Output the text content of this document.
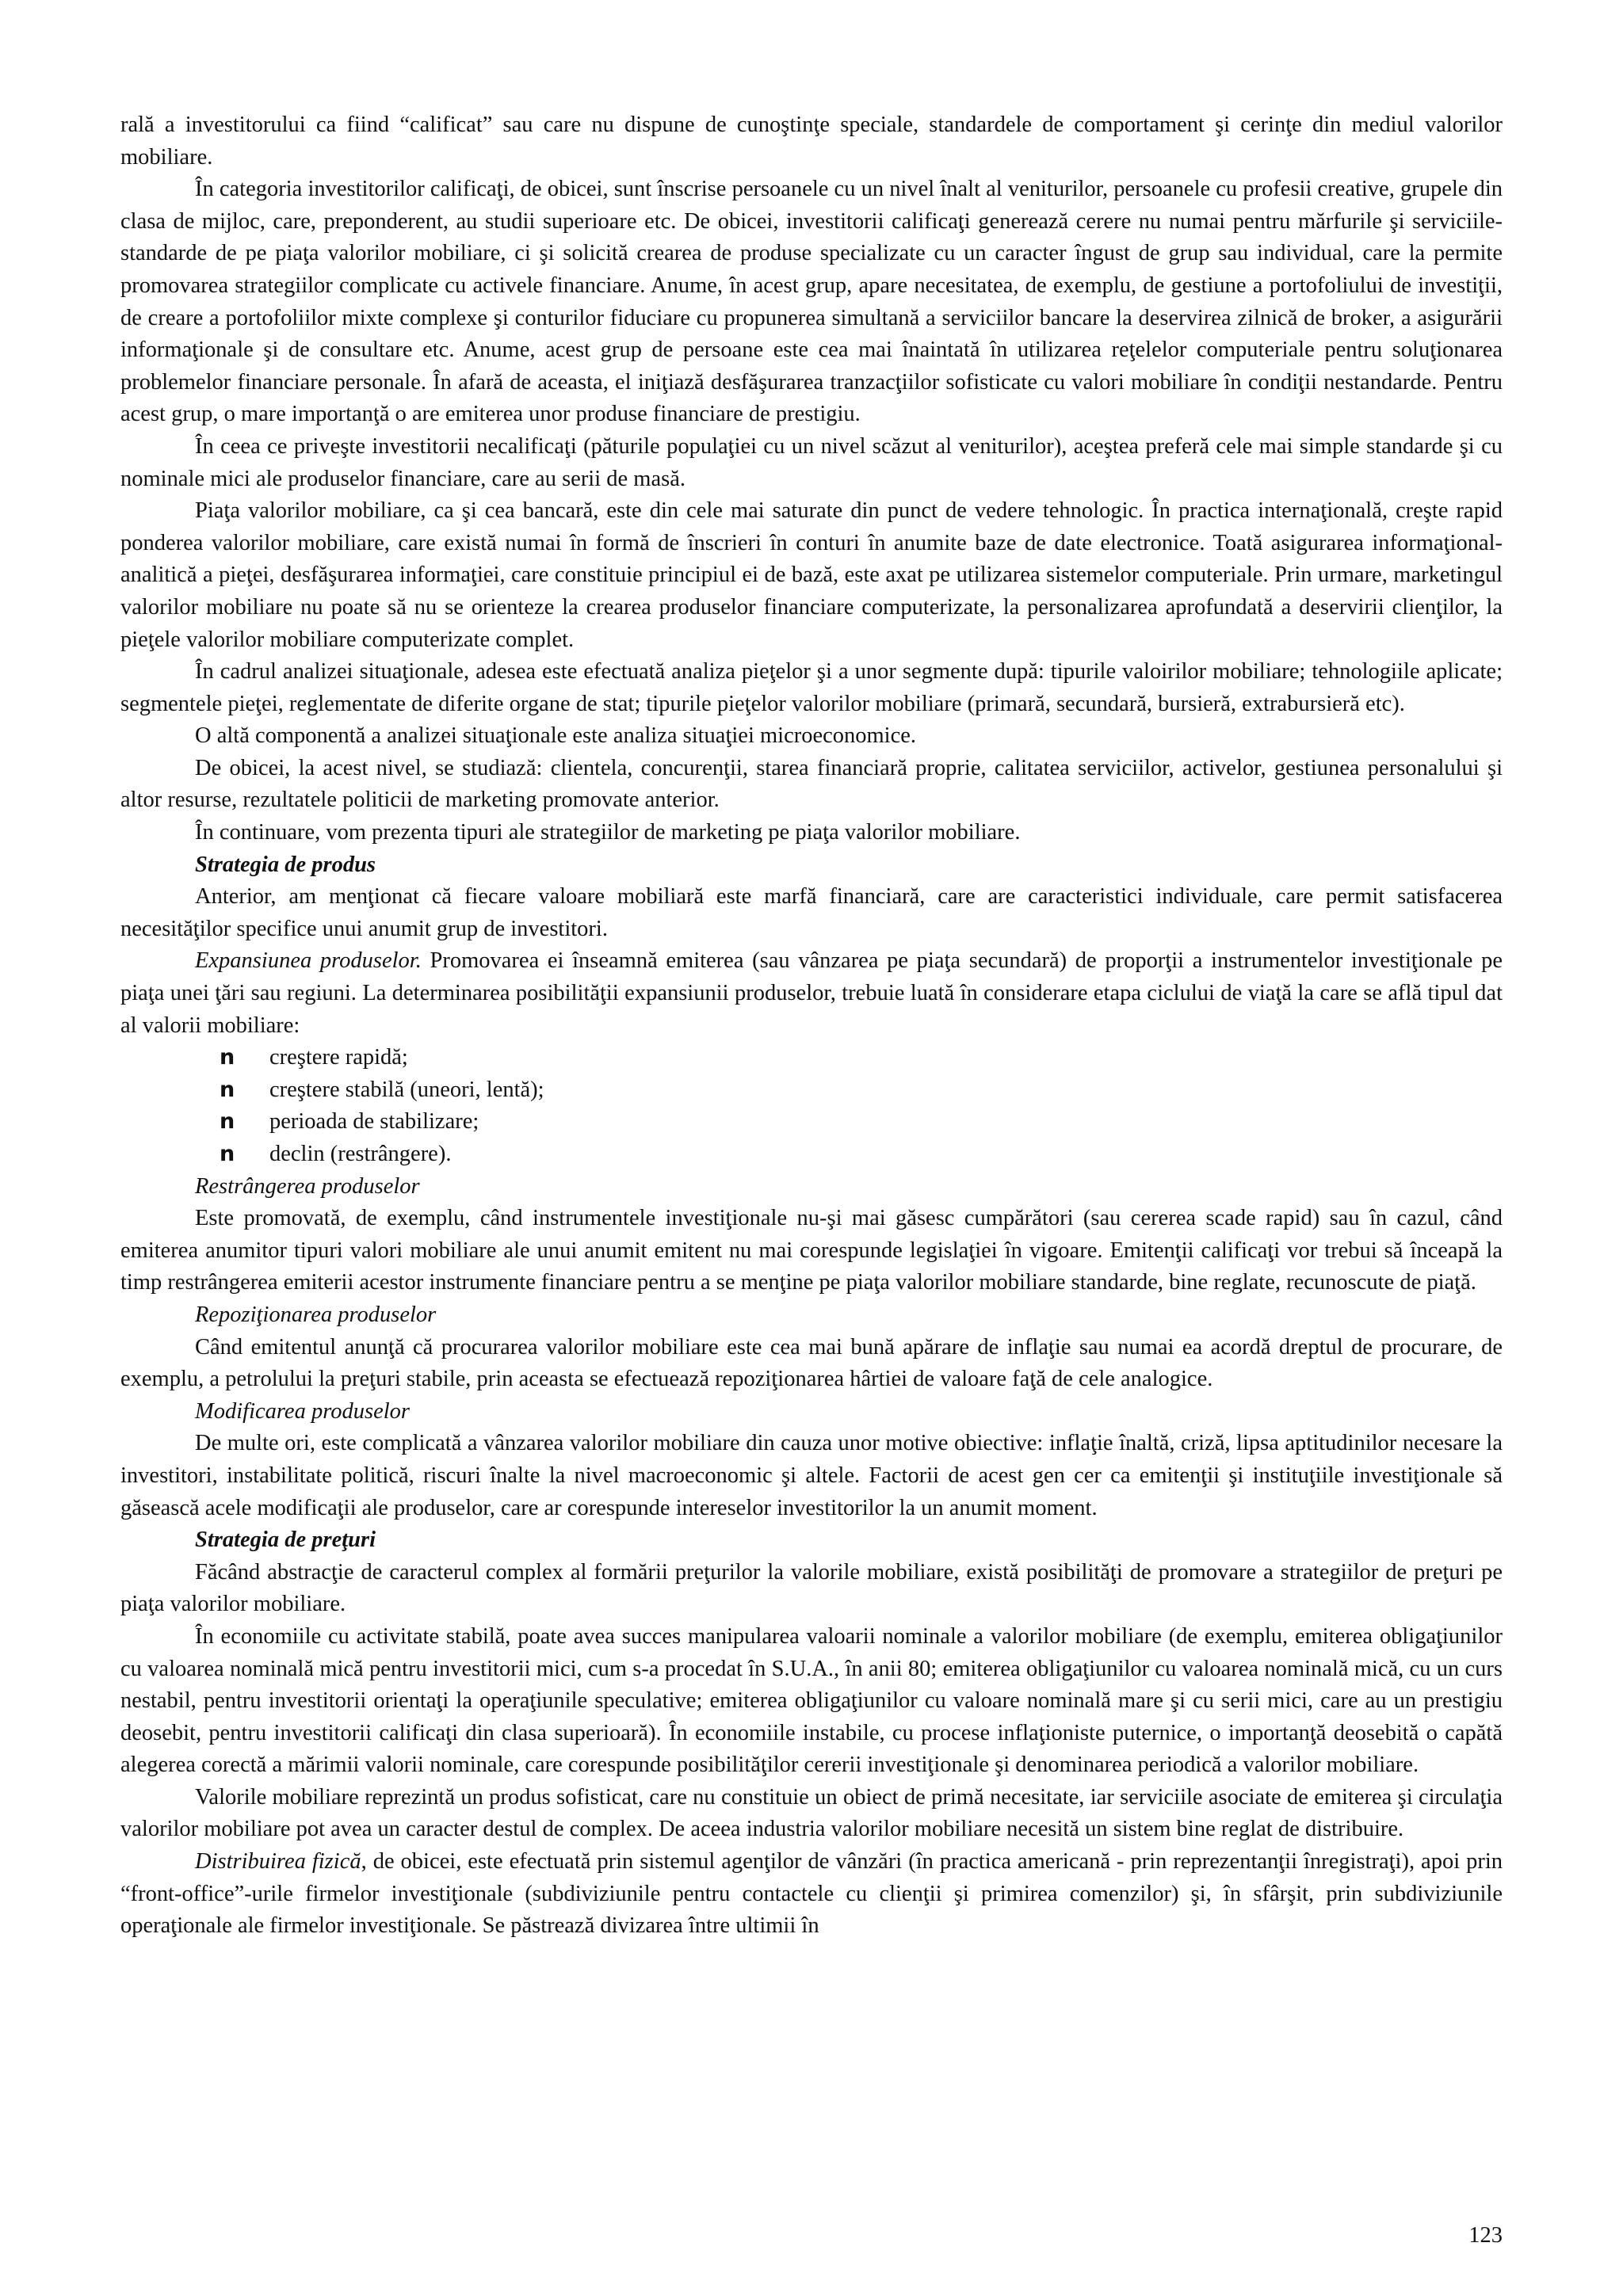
rală a investitorului ca fiind “calificat” sau care nu dispune de cunoştinţe speciale, standardele de comportament şi cerinţe din mediul valorilor mobiliare.

În categoria investitorilor calificaţi, de obicei, sunt înscrise persoanele cu un nivel înalt al veniturilor, persoanele cu profesii creative, grupele din clasa de mijloc, care, preponderent, au studii superioare etc. De obicei, investitorii calificaţi generează cerere nu numai pentru mărfurile şi serviciile-standarde de pe piaţa valorilor mobiliare, ci şi solicită crearea de produse specializate cu un caracter îngust de grup sau individual, care la permite promovarea strategiilor complicate cu activele financiare. Anume, în acest grup, apare necesitatea, de exemplu, de gestiune a portofoliului de investiţii, de creare a portofoliilor mixte complexe şi conturilor fiduciare cu propunerea simultană a serviciilor bancare la deservirea zilnică de broker, a asigurării informaţionale şi de consultare etc. Anume, acest grup de persoane este cea mai înaintată în utilizarea reţelelor computeriale pentru soluţionarea problemelor financiare personale. În afară de aceasta, el iniţiază desfăşurarea tranzacţiilor sofisticate cu valori mobiliare în condiţii nestandarde. Pentru acest grup, o mare importanţă o are emiterea unor produse financiare de prestigiu.

În ceea ce priveşte investitorii necalificaţi (păturile populaţiei cu un nivel scăzut al veniturilor), aceştea preferă cele mai simple standarde şi cu nominale mici ale produselor financiare, care au serii de masă.

Piaţa valorilor mobiliare, ca şi cea bancară, este din cele mai saturate din punct de vedere tehnologic. În practica internaţională, creşte rapid ponderea valorilor mobiliare, care există numai în formă de înscrieri în conturi în anumite baze de date electronice. Toată asigurarea informaţional-analitică a pieţei, desfăşurarea informaţiei, care constituie principiul ei de bază, este axat pe utilizarea sistemelor computeriale. Prin urmare, marketingul valorilor mobiliare nu poate să nu se orienteze la crearea produselor financiare computerizate, la personalizarea aprofundată a deservirii clienţilor, la pieţele valorilor mobiliare computerizate complet.

În cadrul analizei situaţionale, adesea este efectuată analiza pieţelor şi a unor segmente după: tipurile valoirilor mobiliare; tehnologiile aplicate; segmentele pieţei, reglementate de diferite organe de stat; tipurile pieţelor valorilor mobiliare (primară, secundară, bursieră, extrabursieră etc).

O altă componentă a analizei situaţionale este analiza situaţiei microeconomice.

De obicei, la acest nivel, se studiază: clientela, concurenţii, starea financiară proprie, calitatea serviciilor, activelor, gestiunea personalului şi altor resurse, rezultatele politicii de marketing promovate anterior.

În continuare, vom prezenta tipuri ale strategiilor de marketing pe piaţa valorilor mobiliare.

Strategia de produs

Anterior, am menţionat că fiecare valoare mobiliară este marfă financiară, care are caracteristici individuale, care permit satisfacerea necesităţilor specifice unui anumit grup de investitori.

Expansiunea produselor. Promovarea ei înseamnă emiterea (sau vânzarea pe piaţa secundară) de proporţii a instrumentelor investiţionale pe piaţa unei ţări sau regiuni. La determinarea posibilităţii expansiunii produselor, trebuie luată în considerare etapa ciclului de viaţă la care se află tipul dat al valorii mobiliare:

n creştere rapidă;
n creştere stabilă (uneori, lentă);
n perioada de stabilizare;
n declin (restrângere).

Restrângerea produselor

Este promovată, de exemplu, când instrumentele investiţionale nu-şi mai găsesc cumpărători (sau cererea scade rapid) sau în cazul, când emiterea anumitor tipuri valori mobiliare ale unui anumit emitent nu mai corespunde legislaţiei în vigoare. Emitenţii calificaţi vor trebui să înceapă la timp restrângerea emiterii acestor instrumente financiare pentru a se menţine pe piaţa valorilor mobiliare standarde, bine reglate, recunoscute de piaţă.

Repoziţionarea produselor

Când emitentul anunţă că procurarea valorilor mobiliare este cea mai bună apărare de inflaţie sau numai ea acordă dreptul de procurare, de exemplu, a petrolului la preţuri stabile, prin aceasta se efectuează repoziţionarea hârtiei de valoare faţă de cele analogice.

Modificarea produselor

De multe ori, este complicată a vânzarea valorilor mobiliare din cauza unor motive obiective: inflaţie înaltă, criză, lipsa aptitudinilor necesare la investitori, instabilitate politică, riscuri înalte la nivel macroeconomic şi altele. Factorii de acest gen cer ca emitenţii şi instituţiile investiţionale să găsească acele modificaţii ale produselor, care ar corespunde intereselor investitorilor la un anumit moment.

Strategia de preţuri

Făcând abstracţie de caracterul complex al formării preţurilor la valorile mobiliare, există posibilităţi de promovare a strategiilor de preţuri pe piaţa valorilor mobiliare.

În economiile cu activitate stabilă, poate avea succes manipularea valoarii nominale a valorilor mobiliare (de exemplu, emiterea obligaţiunilor cu valoarea nominală mică pentru investitorii mici, cum s-a procedat în S.U.A., în anii 80; emiterea obligaţiunilor cu valoarea nominală mică, cu un curs nestabil, pentru investitorii orientaţi la operaţiunile speculative; emiterea obligaţiunilor cu valoare nominală mare şi cu serii mici, care au un prestigiu deosebit, pentru investitorii calificaţi din clasa superioară). În economiile instabile, cu procese inflaţioniste puternice, o importanţă deosebită o capătă alegerea corectă a mărimii valorii nominale, care corespunde posibilităţilor cererii investiţionale şi denominarea periodică a valorilor mobiliare.

Valorile mobiliare reprezintă un produs sofisticat, care nu constituie un obiect de primă necesitate, iar serviciile asociate de emiterea şi circulaţia valorilor mobiliare pot avea un caracter destul de complex. De aceea industria valorilor mobiliare necesită un sistem bine reglat de distribuire.

Distribuirea fizică, de obicei, este efectuată prin sistemul agenţilor de vânzări (în practica americană - prin reprezentanţii înregistraţi), apoi prin “front-office”-urile firmelor investiţionale (subdiviziunile pentru contactele cu clienţii şi primirea comenzilor) şi, în sfârşit, prin subdiviziunile operaţionale ale firmelor investiţionale. Se păstrează divizarea între ultimii în

123
